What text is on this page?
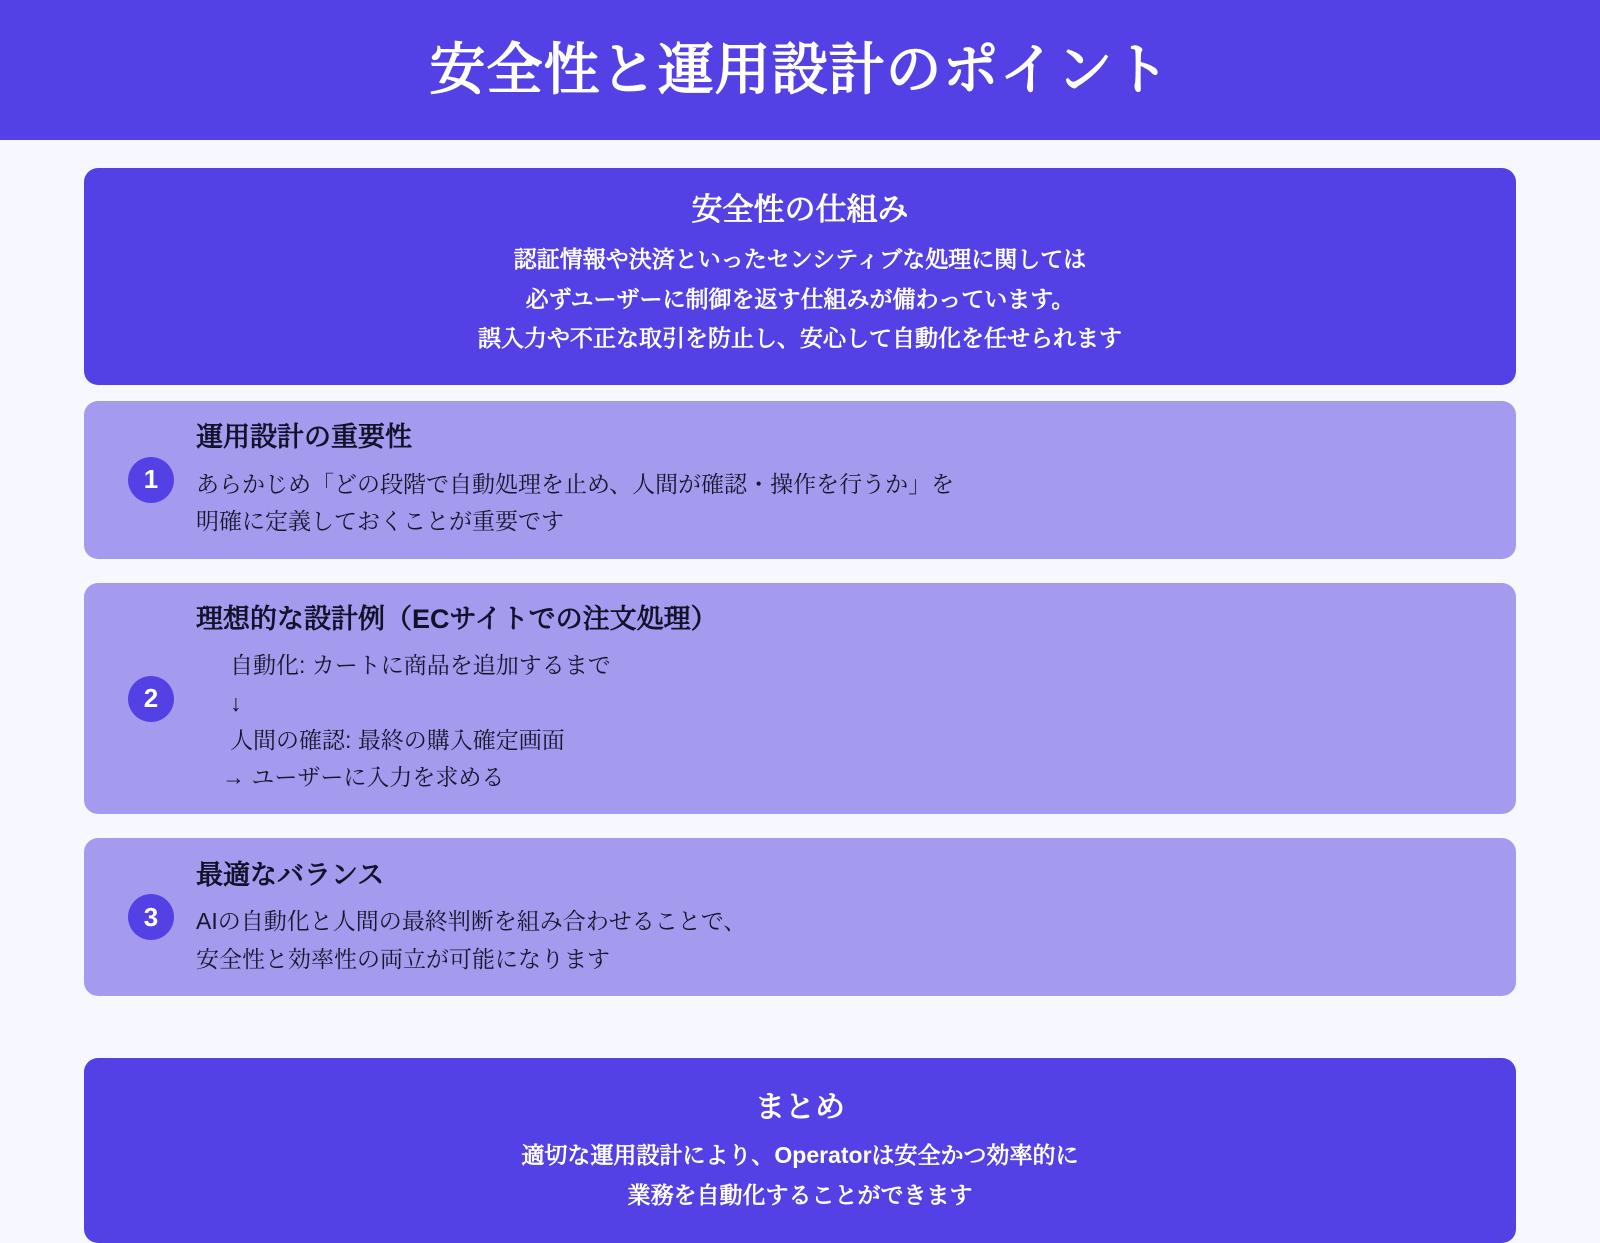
安全性と運用設計のポイント
安全性の仕組み
認証情報や決済といったセンシティブな処理に関しては
必ずユーザーに制御を返す仕組みが備わっています。
誤入力や不正な取引を防止し、安心して自動化を任せられます
1
運用設計の重要性
あらかじめ「どの段階で自動処理を止め、人間が確認・操作を行うか」を
明確に定義しておくことが重要です
2
理想的な設計例（ECサイトでの注文処理）
自動化: カートに商品を追加するまで
↓
人間の確認: 最終の購入確定画面
→ ユーザーに入力を求める
3
最適なバランス
AIの自動化と人間の最終判断を組み合わせることで、
安全性と効率性の両立が可能になります
まとめ
適切な運用設計により、Operatorは安全かつ効率的に
業務を自動化することができます
